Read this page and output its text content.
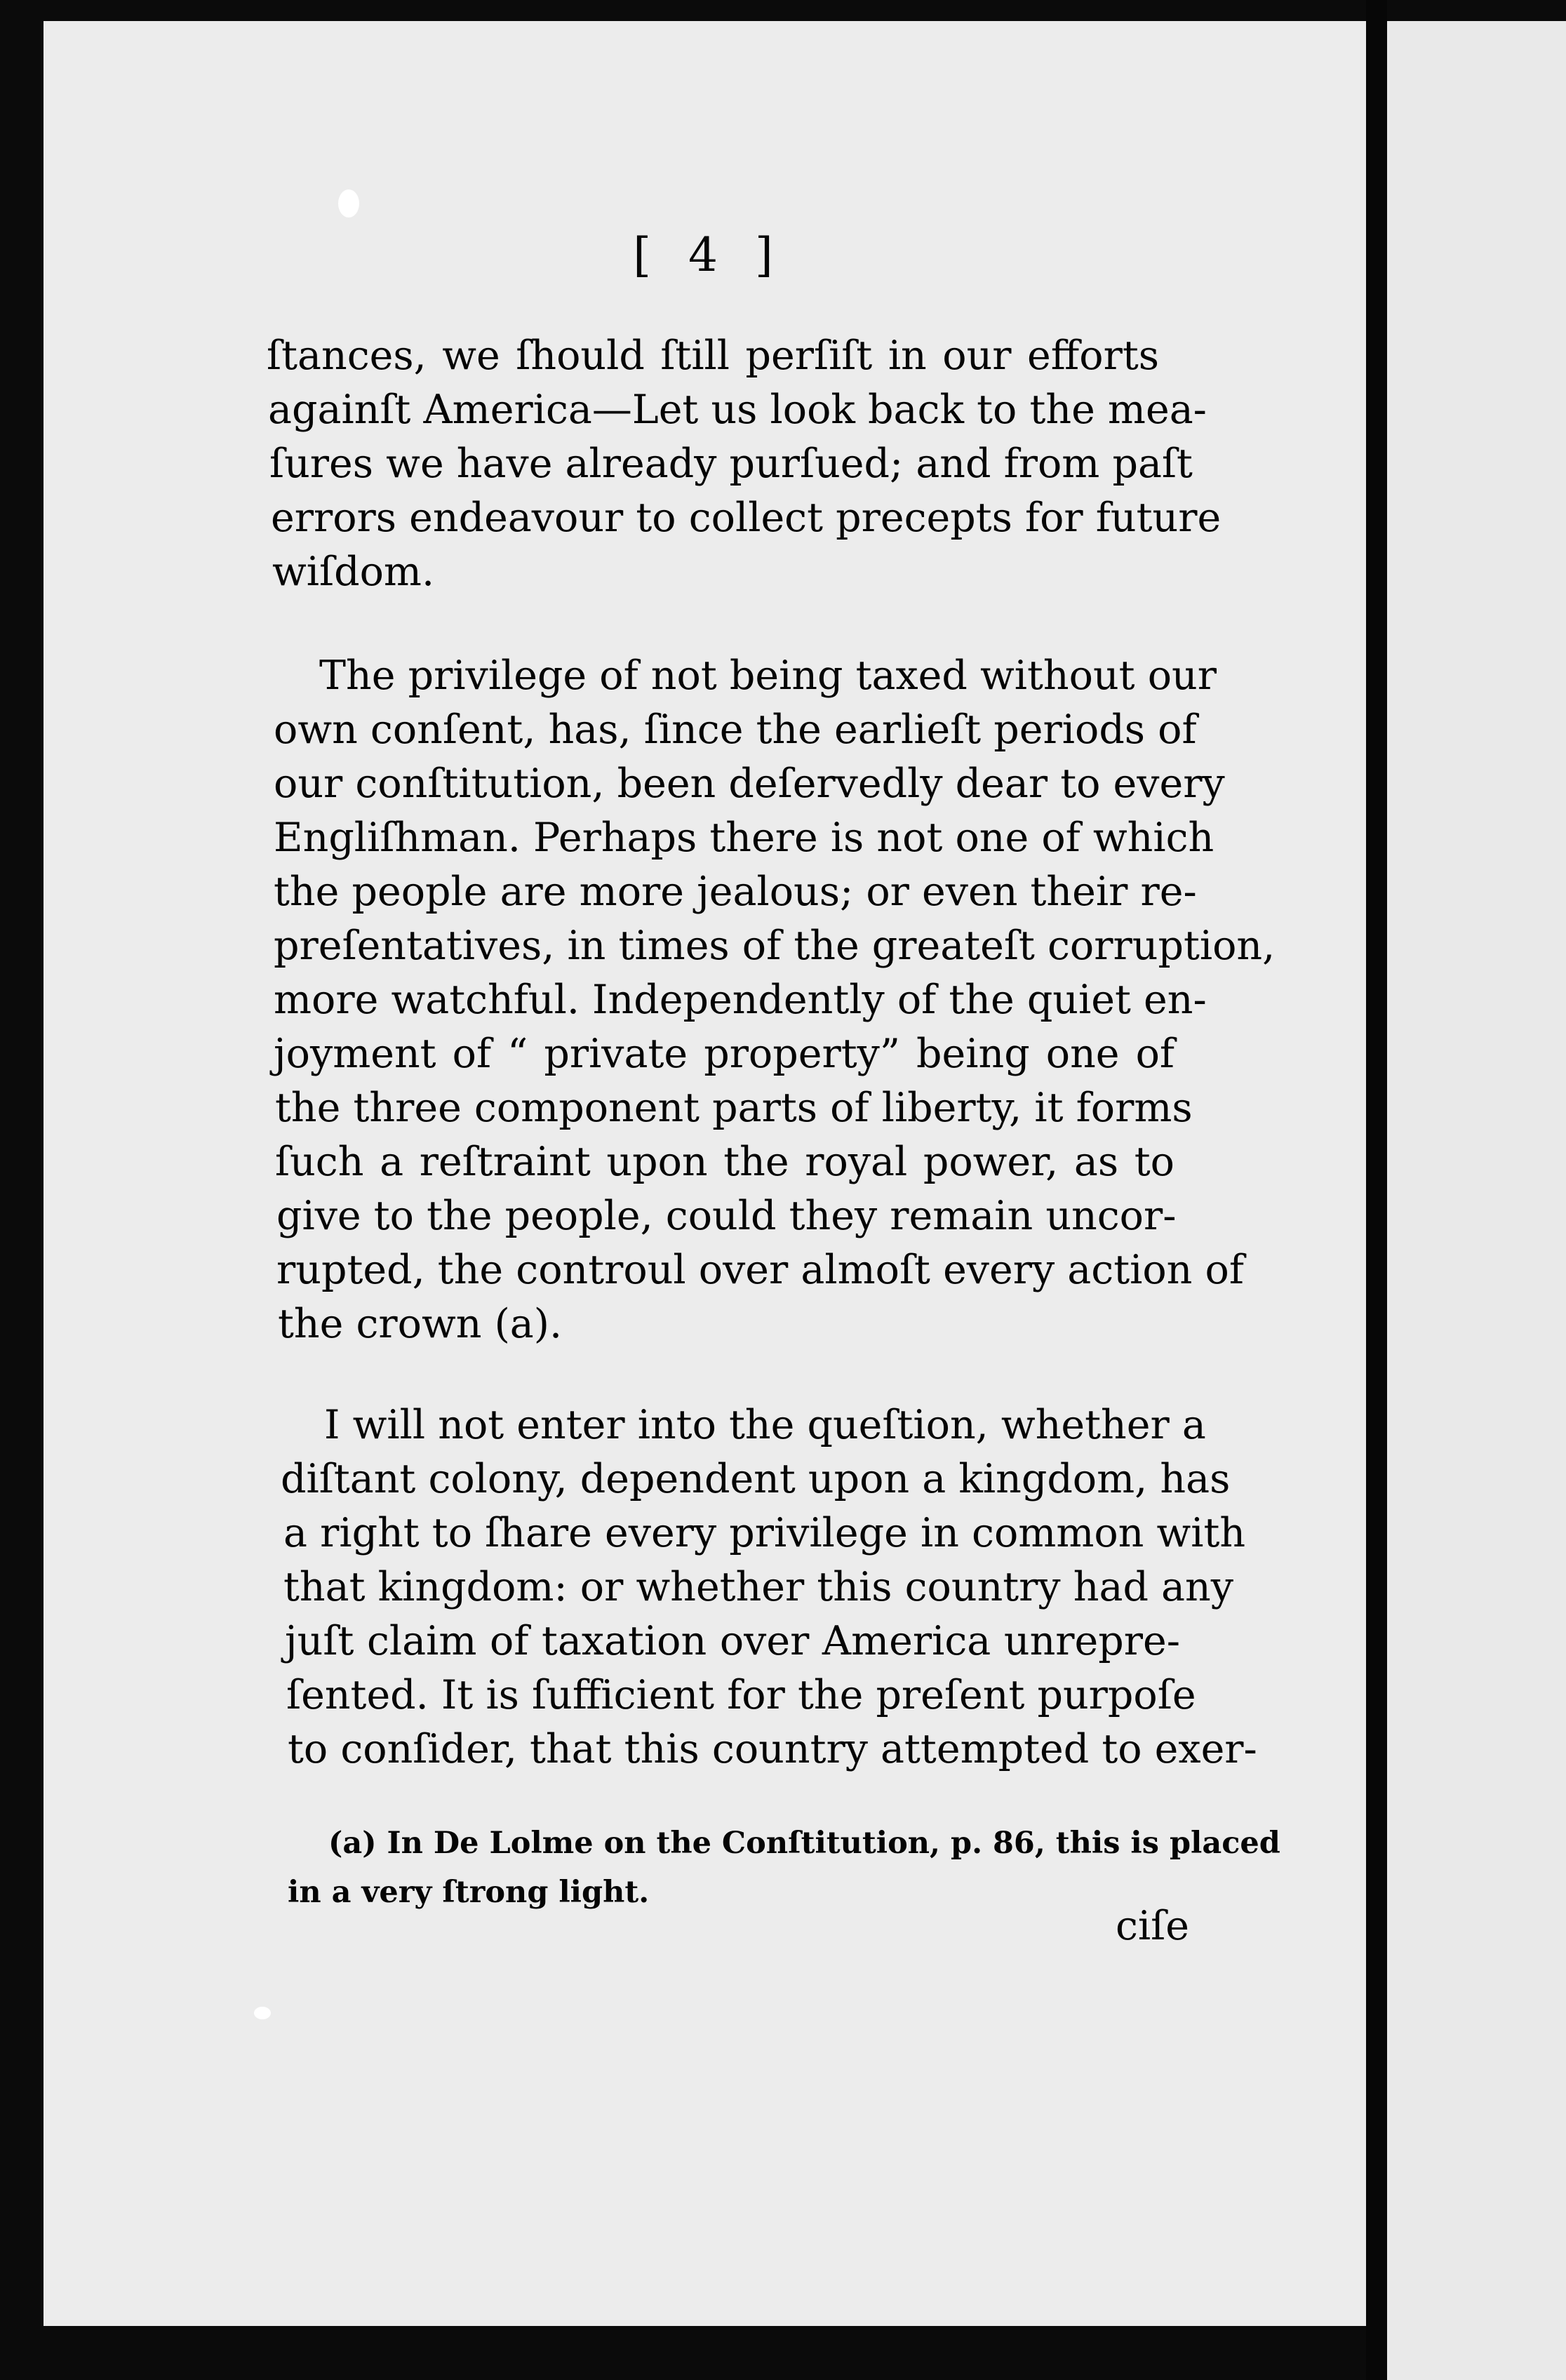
[ 4 ]
ſtances, we ſhould ſtill perſiſt in our efforts
againſt America—Let us look back to the mea-
ſures we have already purſued; and from paſt
errors endeavour to collect precepts for future
wiſdom.
The privilege of not being taxed without our
own conſent, has, ſince the earlieſt periods of
our conſtitution, been deſervedly dear to every
Engliſhman. Perhaps there is not one of which
the people are more jealous; or even their re-
preſentatives, in times of the greateſt corruption,
more watchful. Independently of the quiet en-
joyment of “ private property” being one of
the three component parts of liberty, it forms
ſuch a reſtraint upon the royal power, as to
give to the people, could they remain uncor-
rupted, the controul over almoſt every action of
the crown (a).
I will not enter into the queſtion, whether a
diſtant colony, dependent upon a kingdom, has
a right to ſhare every privilege in common with
that kingdom: or whether this country had any
juſt claim of taxation over America unrepre-
ſented. It is ſufficient for the preſent purpoſe
to conſider, that this country attempted to exer-
(a) In De Lolme on the Conſtitution, p. 86, this is placed
in a very ſtrong light.
ciſe
